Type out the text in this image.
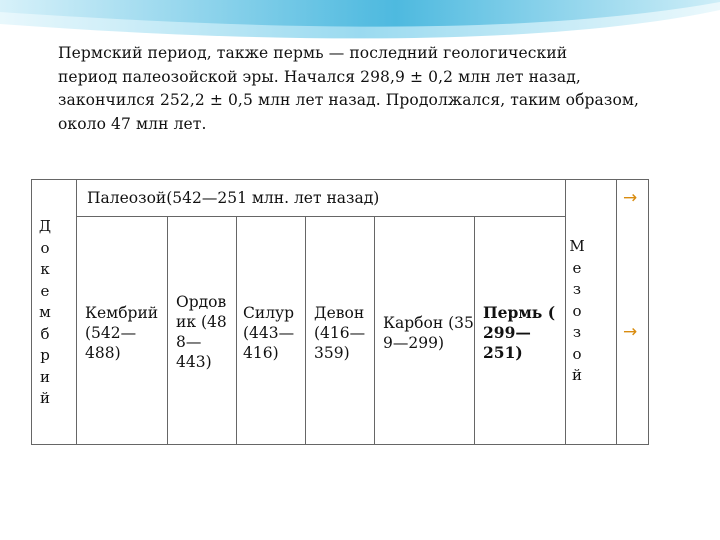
Пермский период, также пермь — последний геологический
период палеозойской эры. Начался 298,9 ± 0,2 млн лет назад,
закончился 252,2 ± 0,5 млн лет назад. Продолжался, таким образом,
около 47 млн лет.

Д
о
к
е
м
б
р
и
й
Палеозой(542—251 млн. лет назад)
Кембрий
(542—
488)
Ордов
ик (48
8—
443)
Силур
(443—
416)
Девон
(416—
359)
Карбон (35
9—299)
Пермь (
299—
251)
М
е
з
о
з
о
й
→
→
